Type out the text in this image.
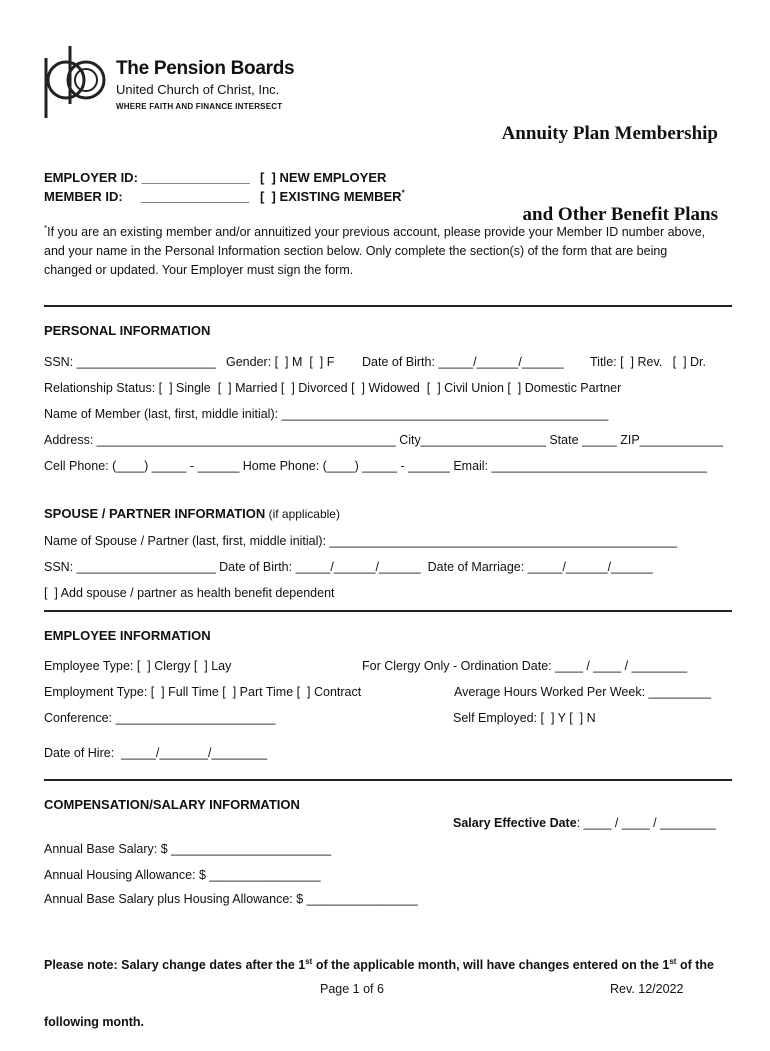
The Pension Boards

United Church of Christ, Inc.

WHERE FAITH AND FINANCE INTERSECT

Annuity Plan Membership

and Other Benefit Plans

EMPLOYER ID: _______________ [  ] NEW EMPLOYER
MEMBER ID:     _______________ [  ] EXISTING MEMBER*
*If you are an existing member and/or annuitized your previous account, please provide your Member ID number above,
and your name in the Personal Information section below. Only complete the section(s) of the form that are being
changed or updated. Your Employer must sign the form.
PERSONAL INFORMATION
SSN: ____________________ Gender: [  ] M  [  ] F Date of Birth: _____/______/______ Title: [  ] Rev.   [  ] Dr.
Relationship Status: [  ] Single  [  ] Married [  ] Divorced [  ] Widowed  [  ] Civil Union [  ] Domestic Partner
Name of Member (last, first, middle initial): _______________________________________________
Address: ___________________________________________ City__________________ State _____ ZIP____________
Cell Phone: (____) _____ - ______ Home Phone: (____) _____ - ______ Email: _______________________________
SPOUSE / PARTNER INFORMATION (if applicable)
Name of Spouse / Partner (last, first, middle initial): __________________________________________________
SSN: ____________________ Date of Birth: _____/______/______  Date of Marriage: _____/______/______
[  ] Add spouse / partner as health benefit dependent
EMPLOYEE INFORMATION
Employee Type: [  ] Clergy [  ] Lay	For Clergy Only - Ordination Date: ____ / ____ / ________
Employment Type: [  ] Full Time [  ] Part Time [  ] Contract	Average Hours Worked Per Week: _________
Conference: _______________________	Self Employed: [  ] Y [  ] N
Date of Hire:  _____/_______/________
COMPENSATION/SALARY INFORMATION
Salary Effective Date: ____ / ____ / ________
Annual Base Salary: $ _______________________
Annual Housing Allowance: $ ________________
Annual Base Salary plus Housing Allowance: $ ________________

Please note: Salary change dates after the 1st of the applicable month, will have changes entered on the 1st of the

following month.

Page 1 of 6	Rev. 12/2022
